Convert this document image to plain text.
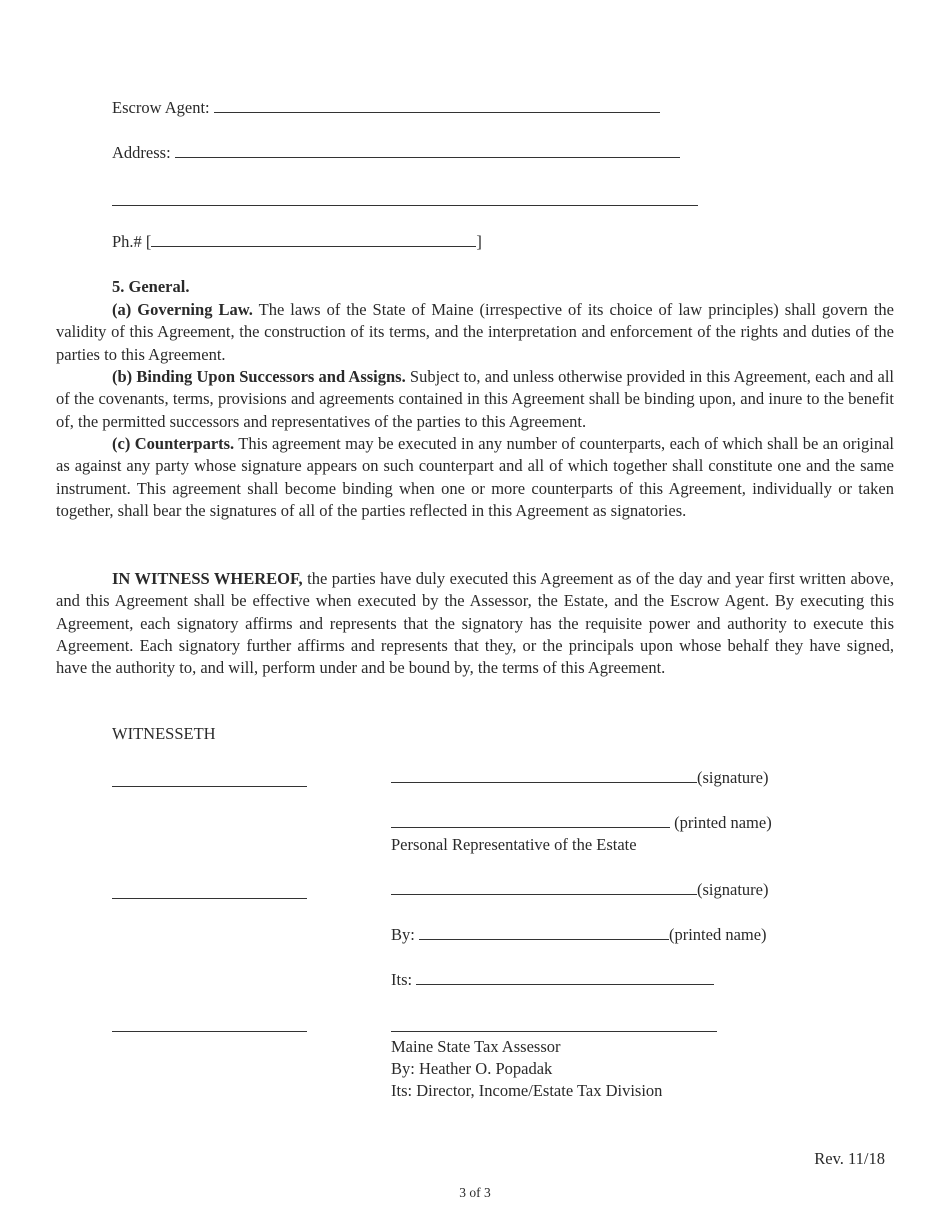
Escrow Agent:
Address:
Ph.# [	]
5. General.

(a) Governing Law. The laws of the State of Maine (irrespective of its choice of law principles) shall govern the validity of this Agreement, the construction of its terms, and the interpretation and enforcement of the rights and duties of the parties to this Agreement.

(b) Binding Upon Successors and Assigns. Subject to, and unless otherwise provided in this Agreement, each and all of the covenants, terms, provisions and agreements contained in this Agreement shall be binding upon, and inure to the benefit of, the permitted successors and representatives of the parties to this Agreement.

(c) Counterparts. This agreement may be executed in any number of counterparts, each of which shall be an original as against any party whose signature appears on such counterpart and all of which together shall constitute one and the same instrument. This agreement shall become binding when one or more counterparts of this Agreement, individually or taken together, shall bear the signatures of all of the parties reflected in this Agreement as signatories.

IN WITNESS WHEREOF, the parties have duly executed this Agreement as of the day and year first written above, and this Agreement shall be effective when executed by the Assessor, the Estate, and the Escrow Agent. By executing this Agreement, each signatory affirms and represents that the signatory has the requisite power and authority to execute this Agreement. Each signatory further affirms and represents that they, or the principals upon whose behalf they have signed, have the authority to, and will, perform under and be bound by, the terms of this Agreement.

WITNESSETH
(signature)
(printed name)
Personal Representative of the Estate
(signature)
By:	(printed name)
Its:
Maine State Tax Assessor
By: Heather O. Popadak
Its: Director, Income/Estate Tax Division
Rev. 11/18
3 of 3
